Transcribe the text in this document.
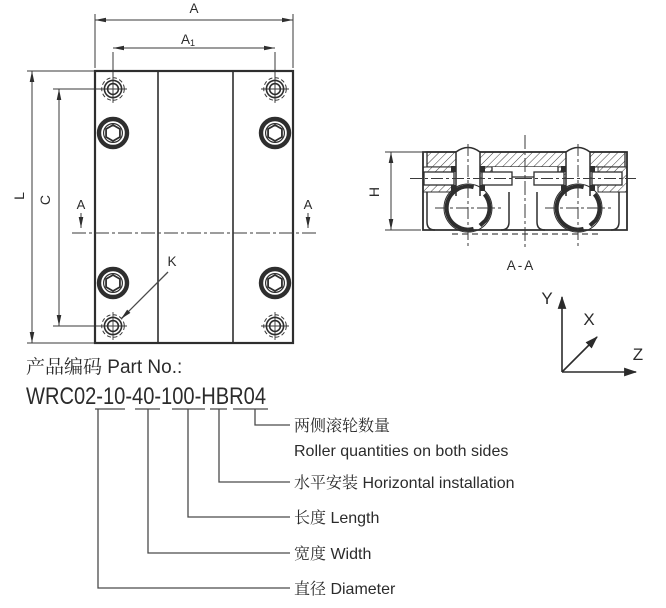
A
A1
L C A	A
K
H
A-A
Y
X
Z
产品编码 Part No.:
WRC02-10-40-100-HBR04
两侧滚轮数量
Roller quantities on both sides
水平安装 Horizontal installation
长度 Length
宽度 Width
直径 Diameter
